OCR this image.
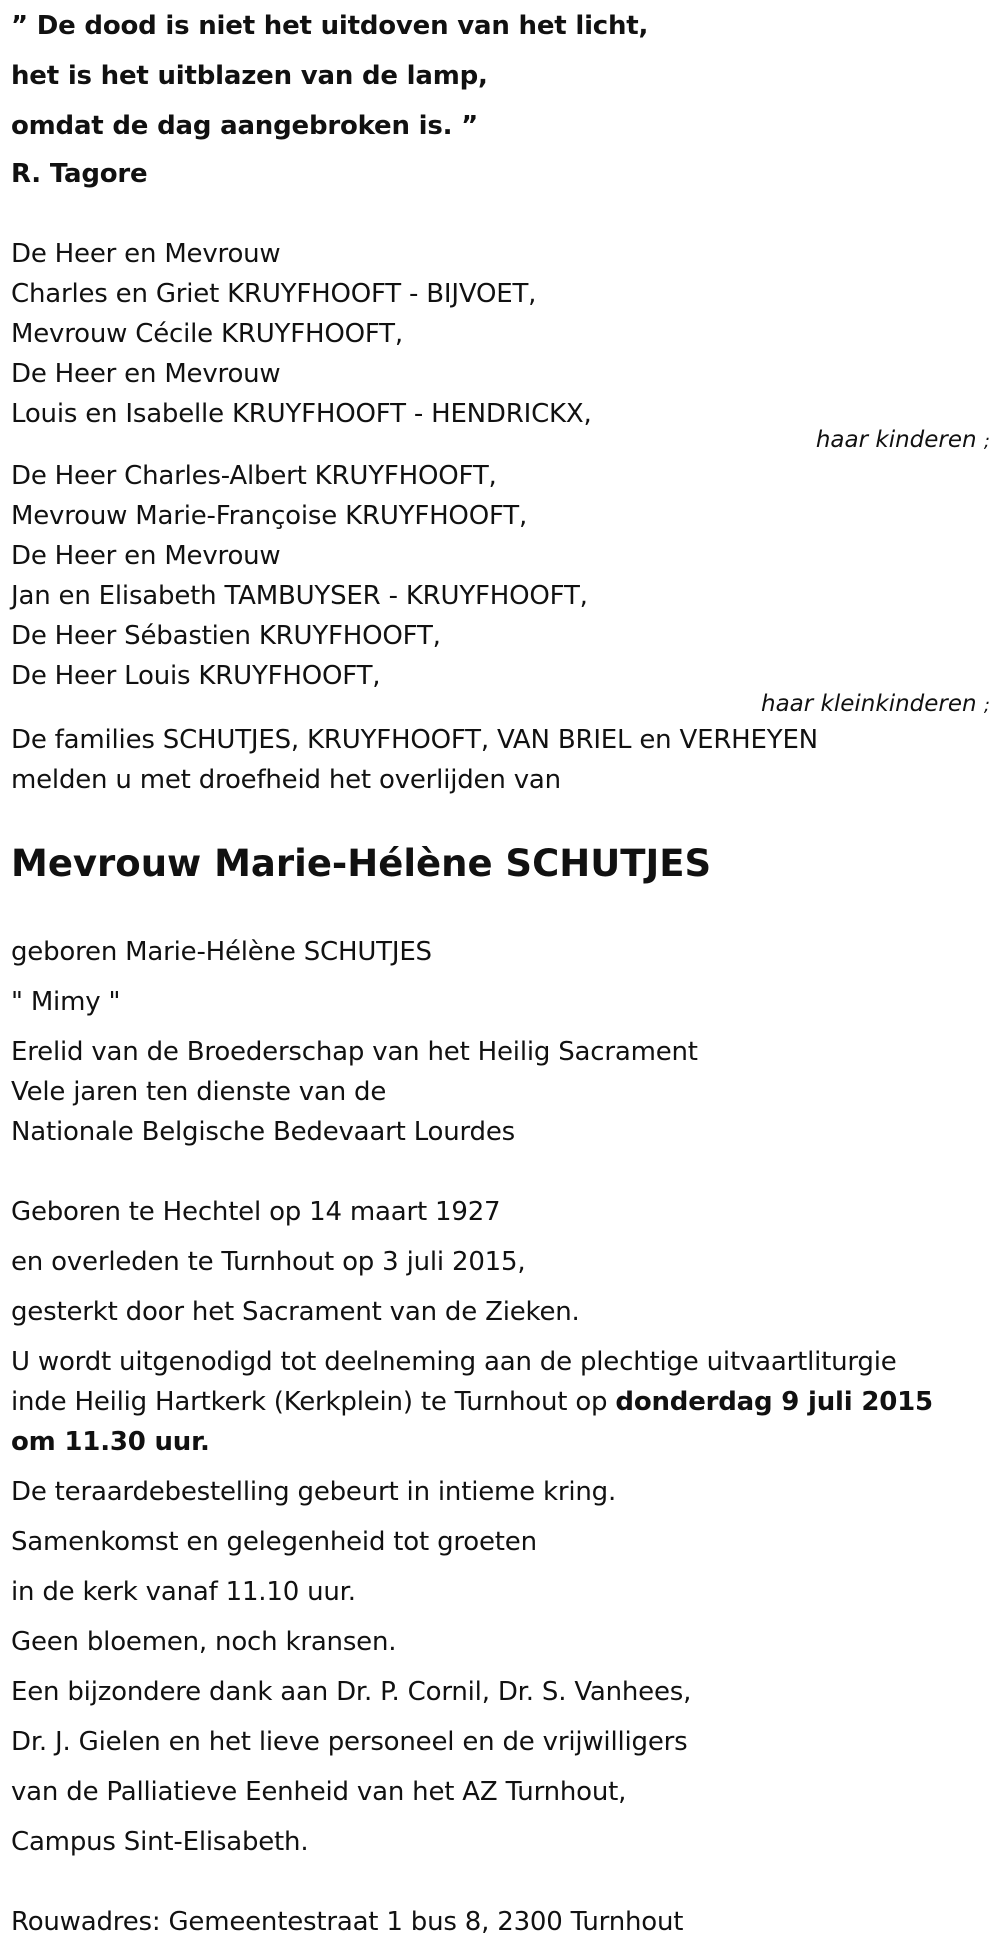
” De dood is niet het uitdoven van het licht,
het is het uitblazen van de lamp,
omdat de dag aangebroken is. ”
R. Tagore
De Heer en Mevrouw
Charles en Griet KRUYFHOOFT - BIJVOET,
Mevrouw Cécile KRUYFHOOFT,
De Heer en Mevrouw
Louis en Isabelle KRUYFHOOFT - HENDRICKX,
haar kinderen ;
De Heer Charles-Albert KRUYFHOOFT,
Mevrouw Marie-Françoise KRUYFHOOFT,
De Heer en Mevrouw
Jan en Elisabeth TAMBUYSER - KRUYFHOOFT,
De Heer Sébastien KRUYFHOOFT,
De Heer Louis KRUYFHOOFT,
haar kleinkinderen ;
De families SCHUTJES, KRUYFHOOFT, VAN BRIEL en VERHEYEN
melden u met droefheid het overlijden van
Mevrouw Marie-Hélène SCHUTJES
geboren Marie-Hélène SCHUTJES
" Mimy "
Erelid van de Broederschap van het Heilig Sacrament
Vele jaren ten dienste van de
Nationale Belgische Bedevaart Lourdes
Geboren te Hechtel op 14 maart 1927
en overleden te Turnhout op 3 juli 2015,
gesterkt door het Sacrament van de Zieken.
U wordt uitgenodigd tot deelneming aan de plechtige uitvaartliturgie
inde Heilig Hartkerk (Kerkplein) te Turnhout op donderdag 9 juli 2015
om 11.30 uur.
De teraardebestelling gebeurt in intieme kring.
Samenkomst en gelegenheid tot groeten
in de kerk vanaf 11.10 uur.
Geen bloemen, noch kransen.
Een bijzondere dank aan Dr. P. Cornil, Dr. S. Vanhees,
Dr. J. Gielen en het lieve personeel en de vrijwilligers
van de Palliatieve Eenheid van het AZ Turnhout,
Campus Sint-Elisabeth.
Rouwadres: Gemeentestraat 1 bus 8, 2300 Turnhout
